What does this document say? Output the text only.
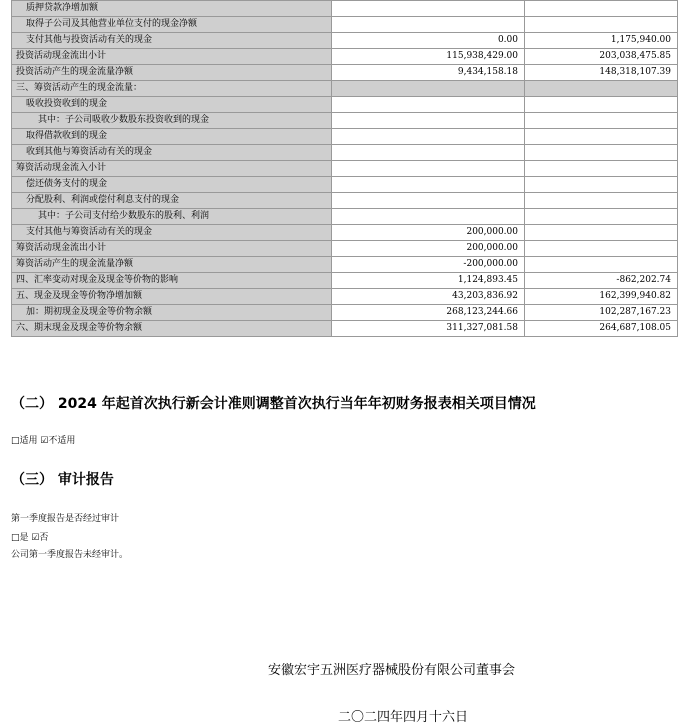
质押贷款净增加额		
取得子公司及其他营业单位支付的现金净额		
支付其他与投资活动有关的现金	0.00	1,175,940.00
投资活动现金流出小计	115,938,429.00	203,038,475.85
投资活动产生的现金流量净额	9,434,158.18	148,318,107.39
三、筹资活动产生的现金流量：		
吸收投资收到的现金		
其中：子公司吸收少数股东投资收到的现金		
取得借款收到的现金		
收到其他与筹资活动有关的现金		
筹资活动现金流入小计		
偿还债务支付的现金		
分配股利、利润或偿付利息支付的现金		
其中：子公司支付给少数股东的股利、利润		
支付其他与筹资活动有关的现金	200,000.00	
筹资活动现金流出小计	200,000.00	
筹资活动产生的现金流量净额	-200,000.00	
四、汇率变动对现金及现金等价物的影响	1,124,893.45	-862,202.74
五、现金及现金等价物净增加额	43,203,836.92	162,399,940.82
加：期初现金及现金等价物余额	268,123,244.66	102,287,167.23
六、期末现金及现金等价物余额	311,327,081.58	264,687,108.05
（二） 2024 年起首次执行新会计准则调整首次执行当年年初财务报表相关项目情况
□适用 ☑不适用
（三） 审计报告
第一季度报告是否经过审计
□是 ☑否
公司第一季度报告未经审计。
安徽宏宇五洲医疗器械股份有限公司董事会
二〇二四年四月十六日
